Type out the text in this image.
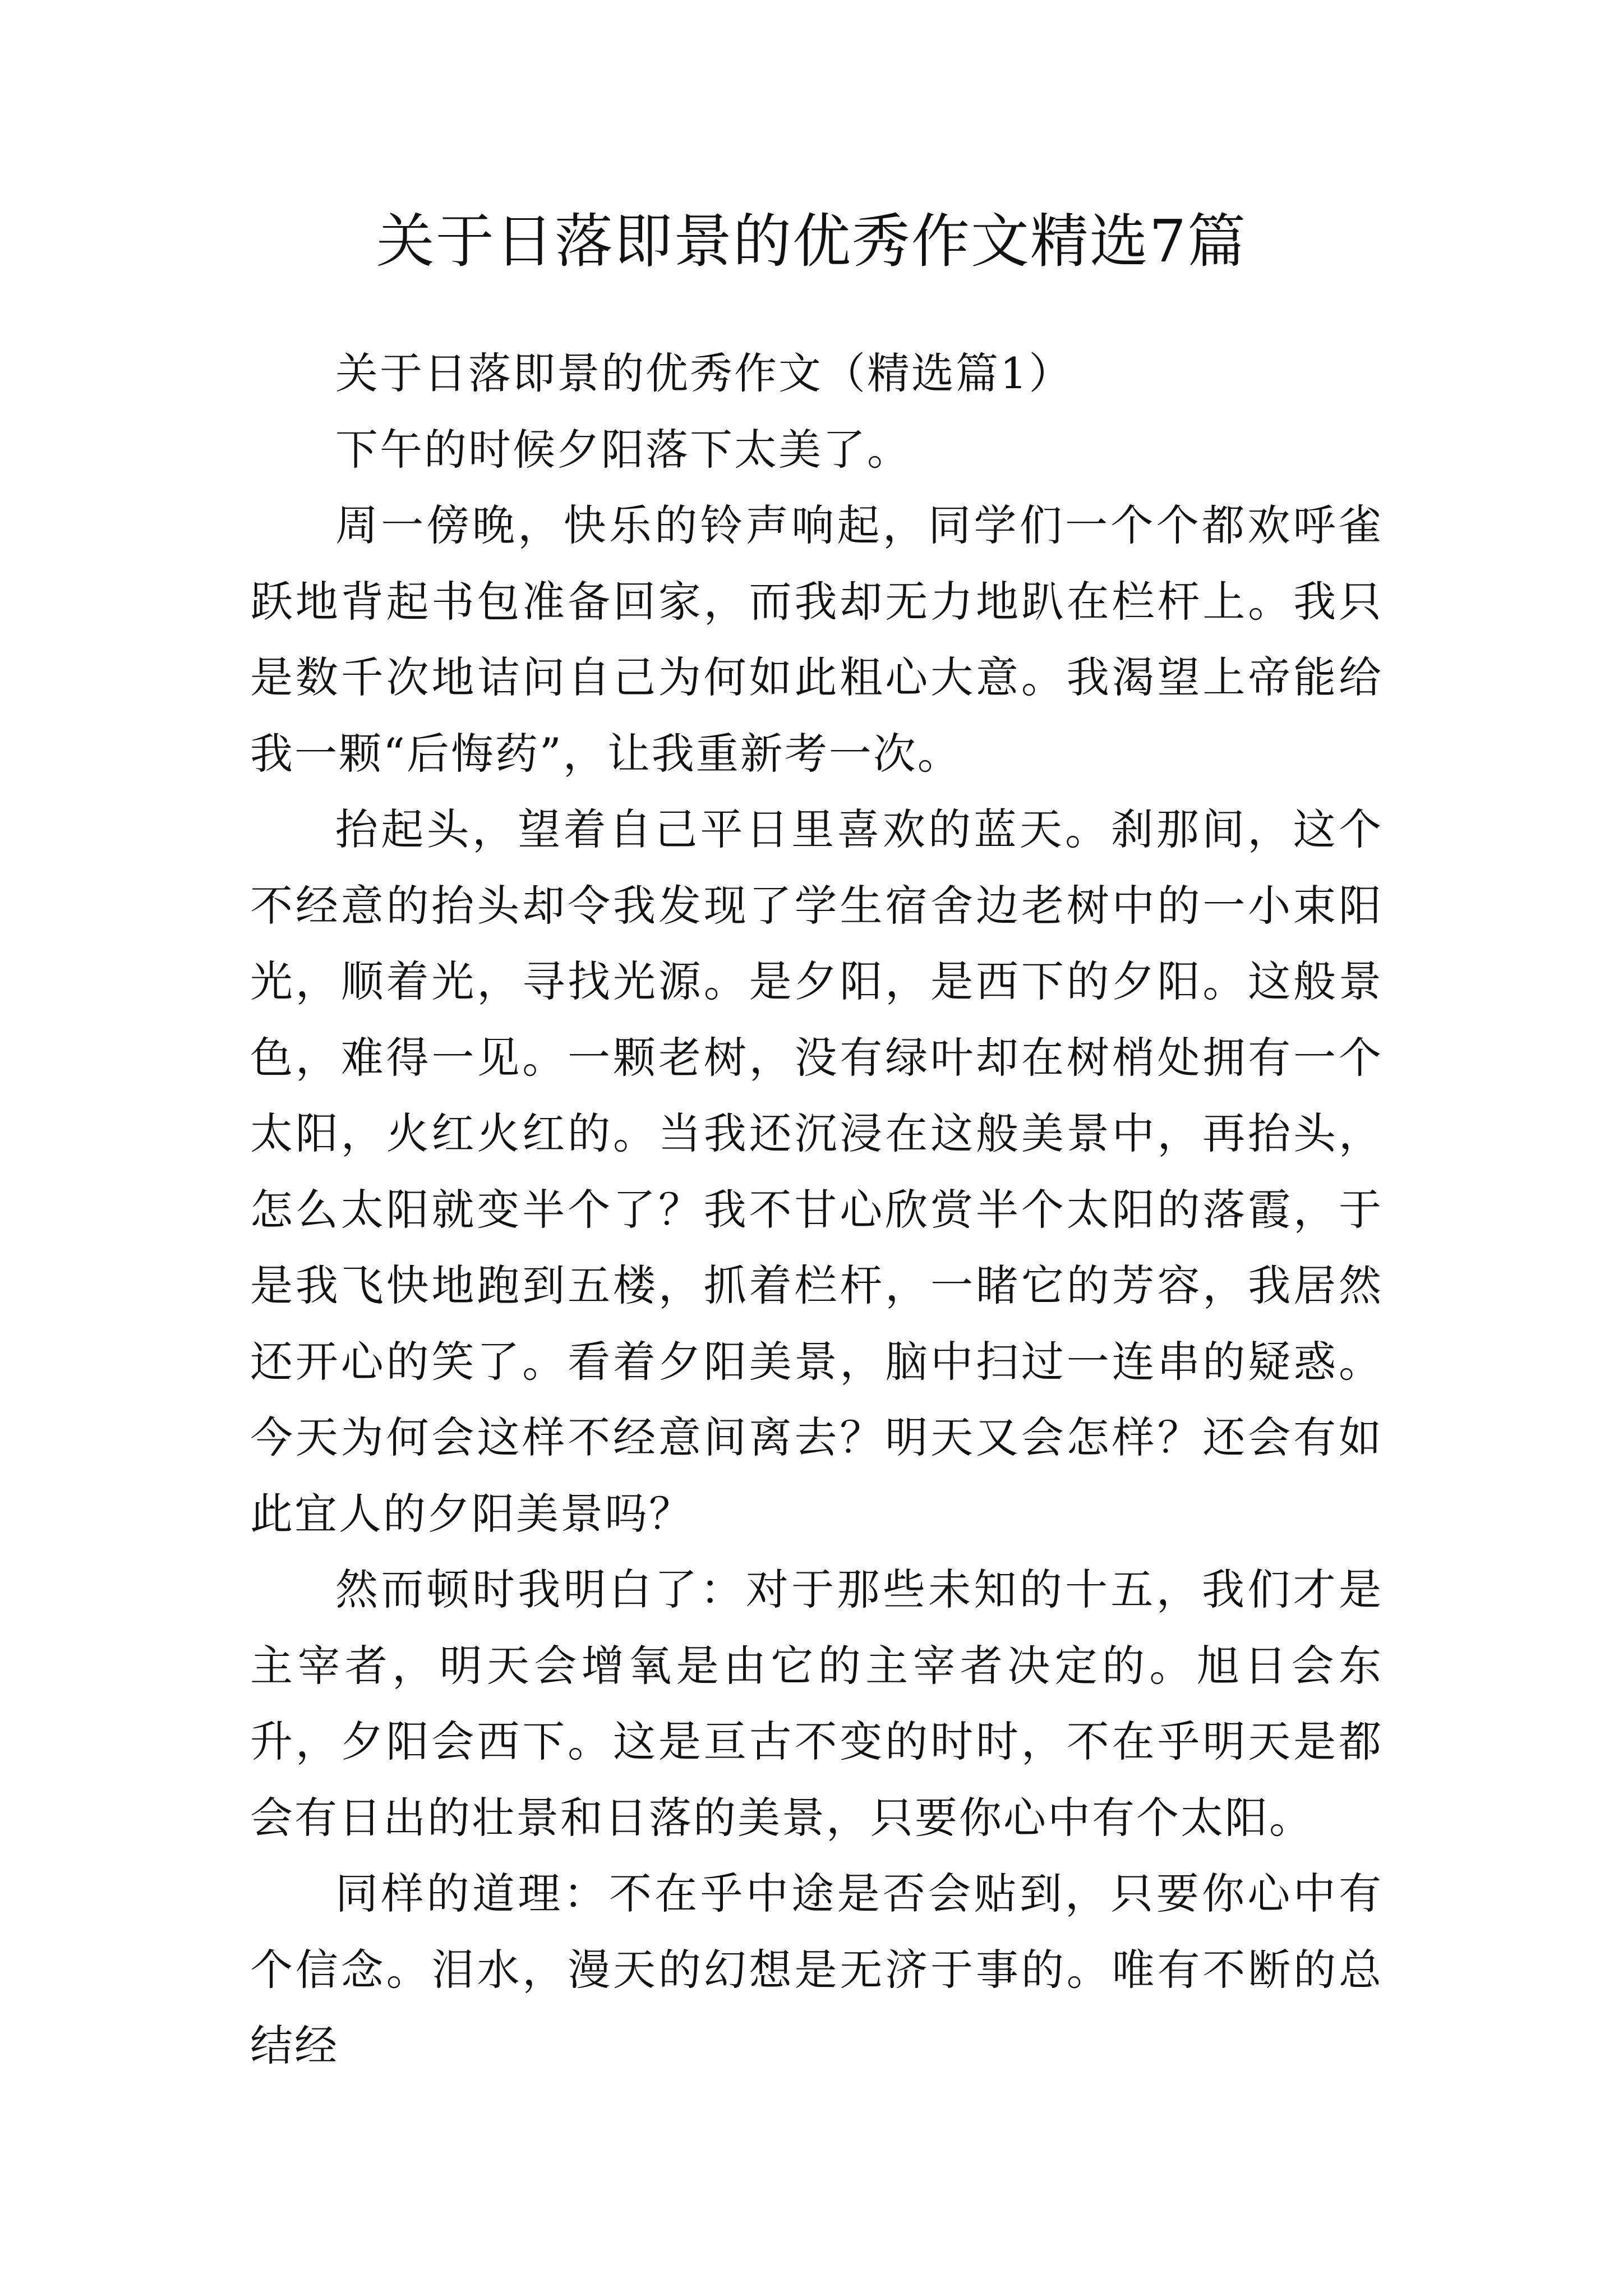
关于日落即景的优秀作文精选7篇

关于日落即景的优秀作文（精选篇1）

下午的时候夕阳落下太美了。

周一傍晚，快乐的铃声响起，同学们一个个都欢呼雀跃地背起书包准备回家，而我却无力地趴在栏杆上。我只是数千次地诘问自己为何如此粗心大意。我渴望上帝能给我一颗“后悔药”，让我重新考一次。

抬起头，望着自己平日里喜欢的蓝天。刹那间，这个不经意的抬头却令我发现了学生宿舍边老树中的一小束阳光，顺着光，寻找光源。是夕阳，是西下的夕阳。这般景色，难得一见。一颗老树，没有绿叶却在树梢处拥有一个太阳，火红火红的。当我还沉浸在这般美景中，再抬头，怎么太阳就变半个了？我不甘心欣赏半个太阳的落霞，于是我飞快地跑到五楼，抓着栏杆，一睹它的芳容，我居然还开心的笑了。看着夕阳美景，脑中扫过一连串的疑惑。今天为何会这样不经意间离去？明天又会怎样？还会有如此宜人的夕阳美景吗？

然而顿时我明白了：对于那些未知的十五，我们才是主宰者，明天会增氧是由它的主宰者决定的。旭日会东升，夕阳会西下。这是亘古不变的时时，不在乎明天是都会有日出的壮景和日落的美景，只要你心中有个太阳。

同样的道理：不在乎中途是否会贴到，只要你心中有个信念。泪水，漫天的幻想是无济于事的。唯有不断的总结经
